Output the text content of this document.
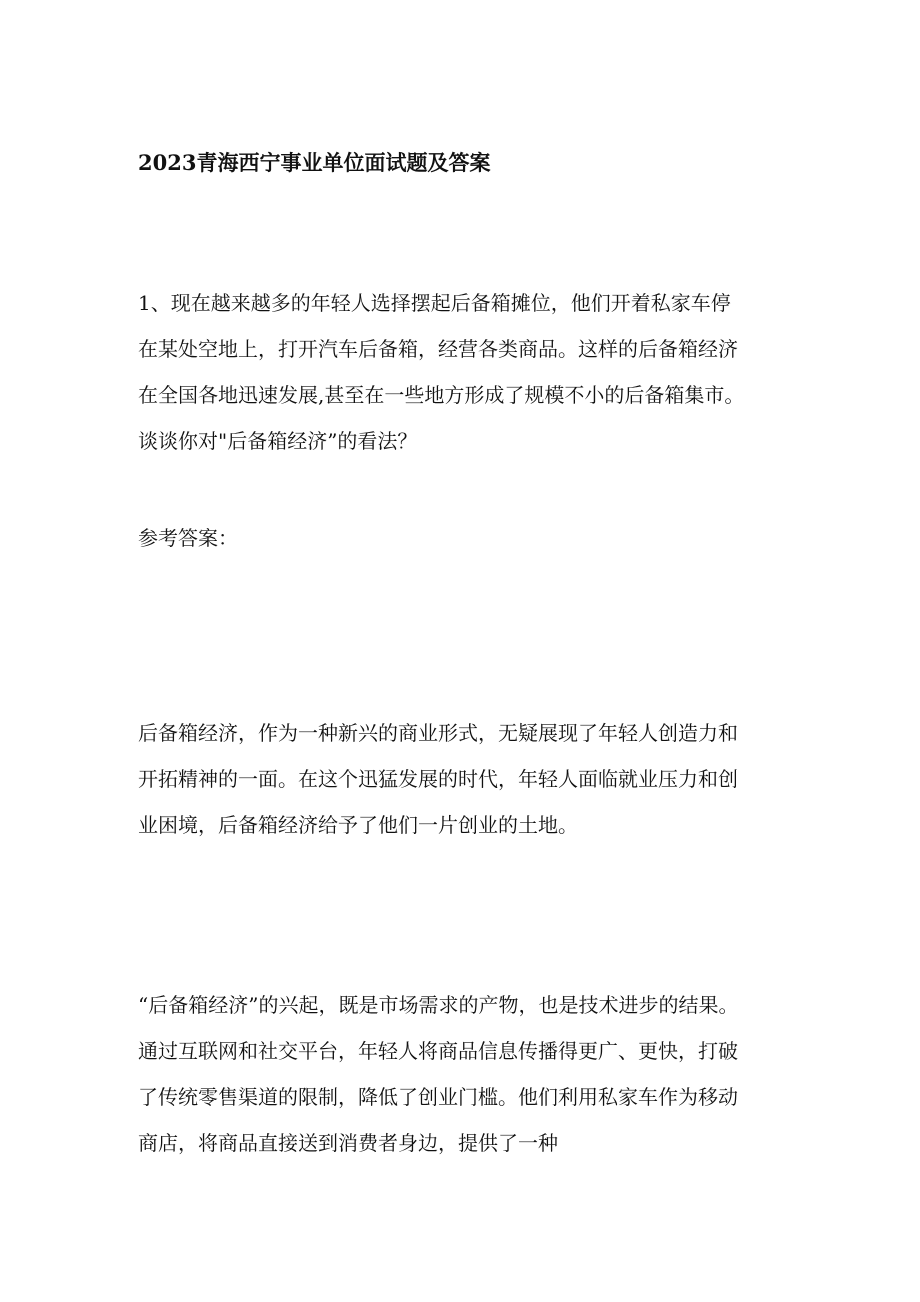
2023青海西宁事业单位面试题及答案
1、现在越来越多的年轻人选择摆起后备箱摊位，他们开着私家车停
在某处空地上，打开汽车后备箱，经营各类商品。这样的后备箱经济
在全国各地迅速发展,甚至在一些地方形成了规模不小的后备箱集市。
谈谈你对"后备箱经济”的看法？
参考答案：
后备箱经济，作为一种新兴的商业形式，无疑展现了年轻人创造力和
开拓精神的一面。在这个迅猛发展的时代，年轻人面临就业压力和创
业困境，后备箱经济给予了他们一片创业的土地。
“后备箱经济”的兴起，既是市场需求的产物，也是技术进步的结果。
通过互联网和社交平台，年轻人将商品信息传播得更广、更快，打破
了传统零售渠道的限制，降低了创业门槛。他们利用私家车作为移动
商店，将商品直接送到消费者身边，提供了一种
